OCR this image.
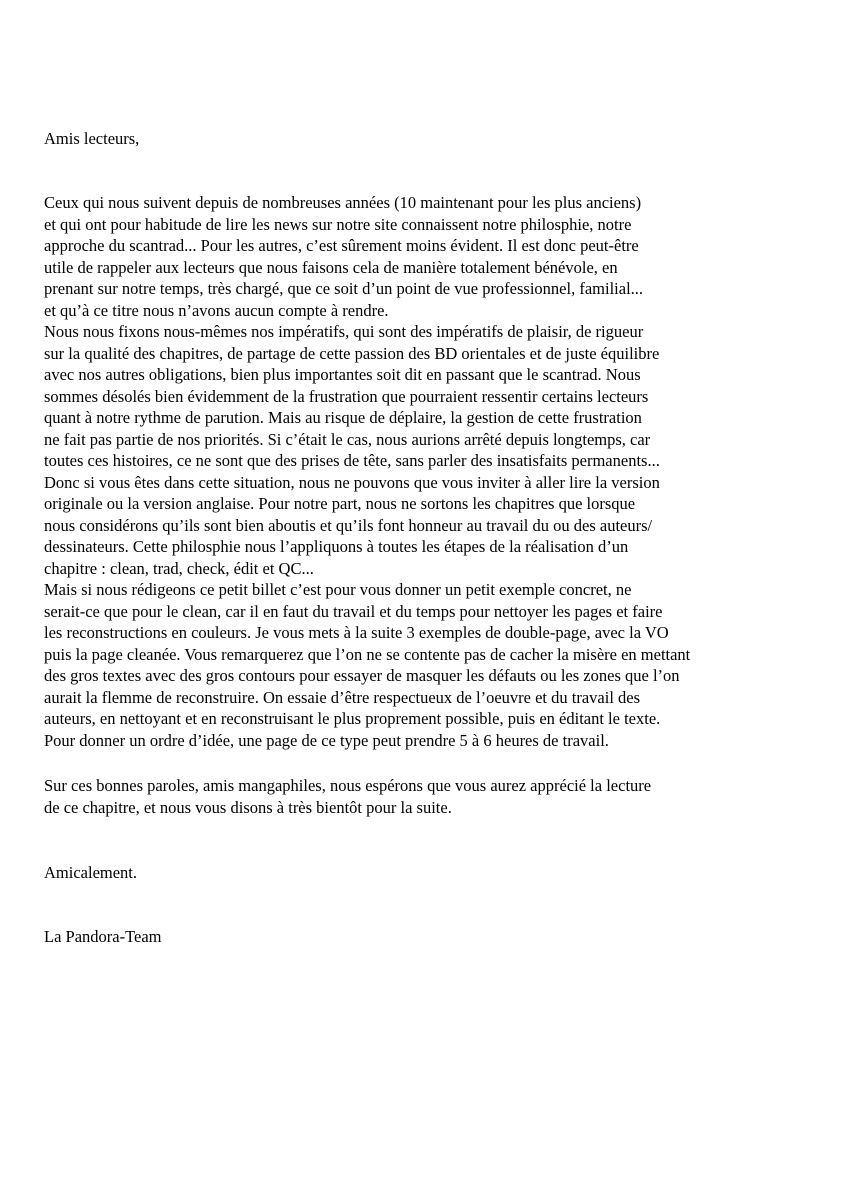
Amis lecteurs,

Ceux qui nous suivent depuis de nombreuses années (10 maintenant pour les plus anciens)
et qui ont pour habitude de lire les news sur notre site connaissent notre philosphie, notre
approche du scantrad... Pour les autres, c’est sûrement moins évident. Il est donc peut-être
utile de rappeler aux lecteurs que nous faisons cela de manière totalement bénévole, en
prenant sur notre temps, très chargé, que ce soit d’un point de vue professionnel, familial...
et qu’à ce titre nous n’avons aucun compte à rendre.
Nous nous fixons nous-mêmes nos impératifs, qui sont des impératifs de plaisir, de rigueur
sur la qualité des chapitres, de partage de cette passion des BD orientales et de juste équilibre
avec nos autres obligations, bien plus importantes soit dit en passant que le scantrad. Nous
sommes désolés bien évidemment de la frustration que pourraient ressentir certains lecteurs
quant à notre rythme de parution. Mais au risque de déplaire, la gestion de cette frustration
ne fait pas partie de nos priorités. Si c’était le cas, nous aurions arrêté depuis longtemps, car
toutes ces histoires, ce ne sont que des prises de tête, sans parler des insatisfaits permanents...
Donc si vous êtes dans cette situation, nous ne pouvons que vous inviter à aller lire la version
originale ou la version anglaise. Pour notre part, nous ne sortons les chapitres que lorsque
nous considérons qu’ils sont bien aboutis et qu’ils font honneur au travail du ou des auteurs/
dessinateurs. Cette philosphie nous l’appliquons à toutes les étapes de la réalisation d’un
chapitre : clean, trad, check, édit et QC...
Mais si nous rédigeons ce petit billet c’est pour vous donner un petit exemple concret, ne
serait-ce que pour le clean, car il en faut du travail et du temps pour nettoyer les pages et faire
les reconstructions en couleurs. Je vous mets à la suite 3 exemples de double-page, avec la VO
puis la page cleanée. Vous remarquerez que l’on ne se contente pas de cacher la misère en mettant
des gros textes avec des gros contours pour essayer de masquer les défauts ou les zones que l’on
aurait la flemme de reconstruire. On essaie d’être respectueux de l’oeuvre et du travail des
auteurs, en nettoyant et en reconstruisant le plus proprement possible, puis en éditant le texte.
Pour donner un ordre d’idée, une page de ce type peut prendre 5 à 6 heures de travail.
Sur ces bonnes paroles, amis mangaphiles, nous espérons que vous aurez apprécié la lecture
de ce chapitre, et nous vous disons à très bientôt pour la suite.

Amicalement.

La Pandora-Team
